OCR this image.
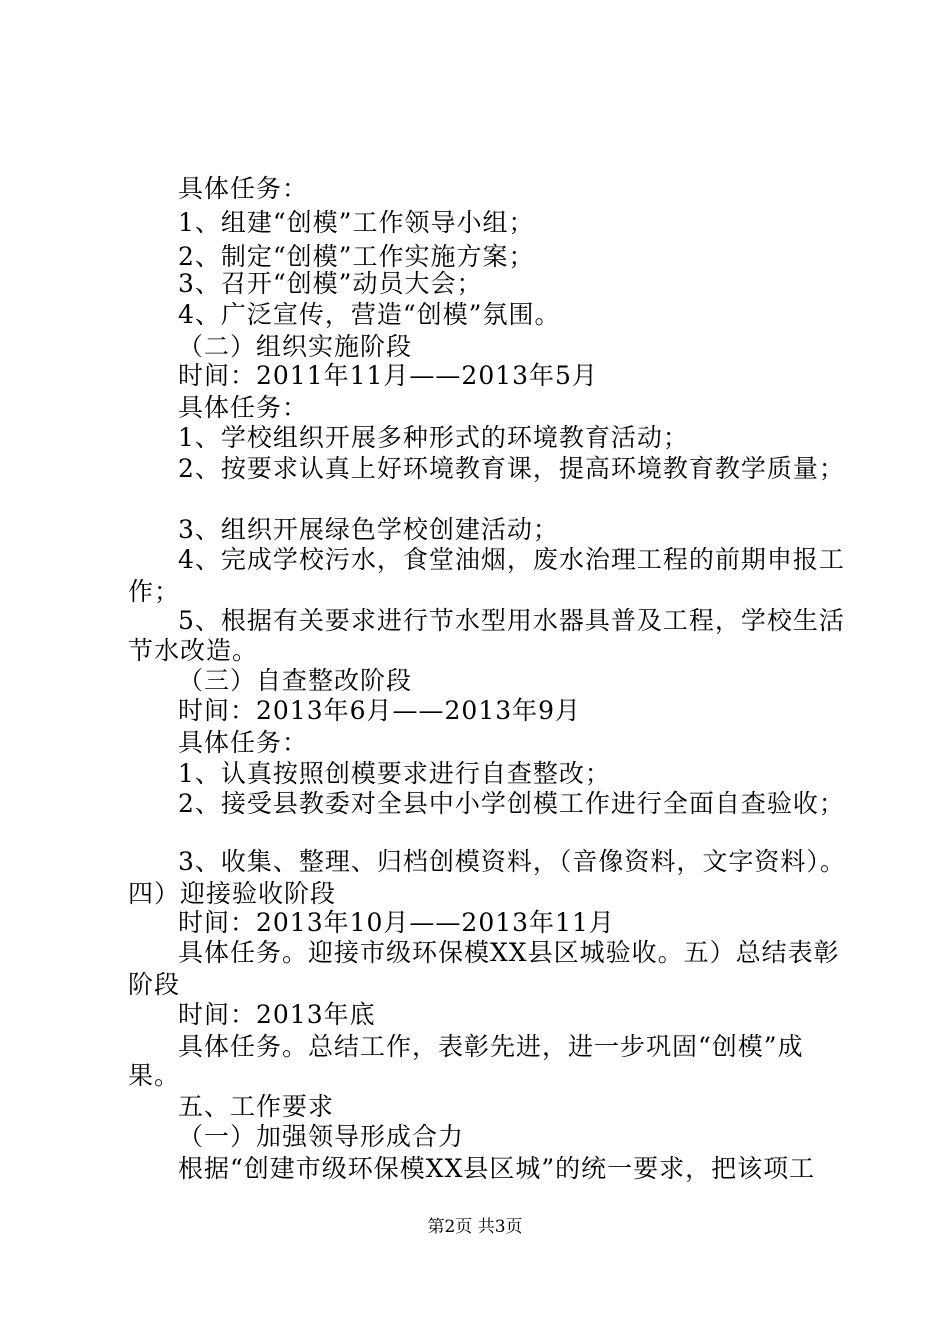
具体任务：
1、组建“创模”工作领导小组；
2、制定“创模”工作实施方案；
3、召开“创模”动员大会；
4、广泛宣传，营造“创模”氛围。
（二）组织实施阶段
时间：2011年11月——2013年5月
具体任务：
1、学校组织开展多种形式的环境教育活动；
2、按要求认真上好环境教育课，提高环境教育教学质量；
3、组织开展绿色学校创建活动；
4、完成学校污水，食堂油烟，废水治理工程的前期申报工
作；
5、根据有关要求进行节水型用水器具普及工程，学校生活
节水改造。
（三）自查整改阶段
时间：2013年6月——2013年9月
具体任务：
1、认真按照创模要求进行自查整改；
2、接受县教委对全县中小学创模工作进行全面自查验收；
3、收集、整理、归档创模资料，（音像资料，文字资料）。
四）迎接验收阶段
时间：2013年10月——2013年11月
具体任务。迎接市级环保模XX县区城验收。五）总结表彰
阶段
时间：2013年底
具体任务。总结工作，表彰先进，进一步巩固“创模”成
果。
五、工作要求
（一）加强领导形成合力
根据“创建市级环保模XX县区城”的统一要求，把该项工
第2页 共3页
